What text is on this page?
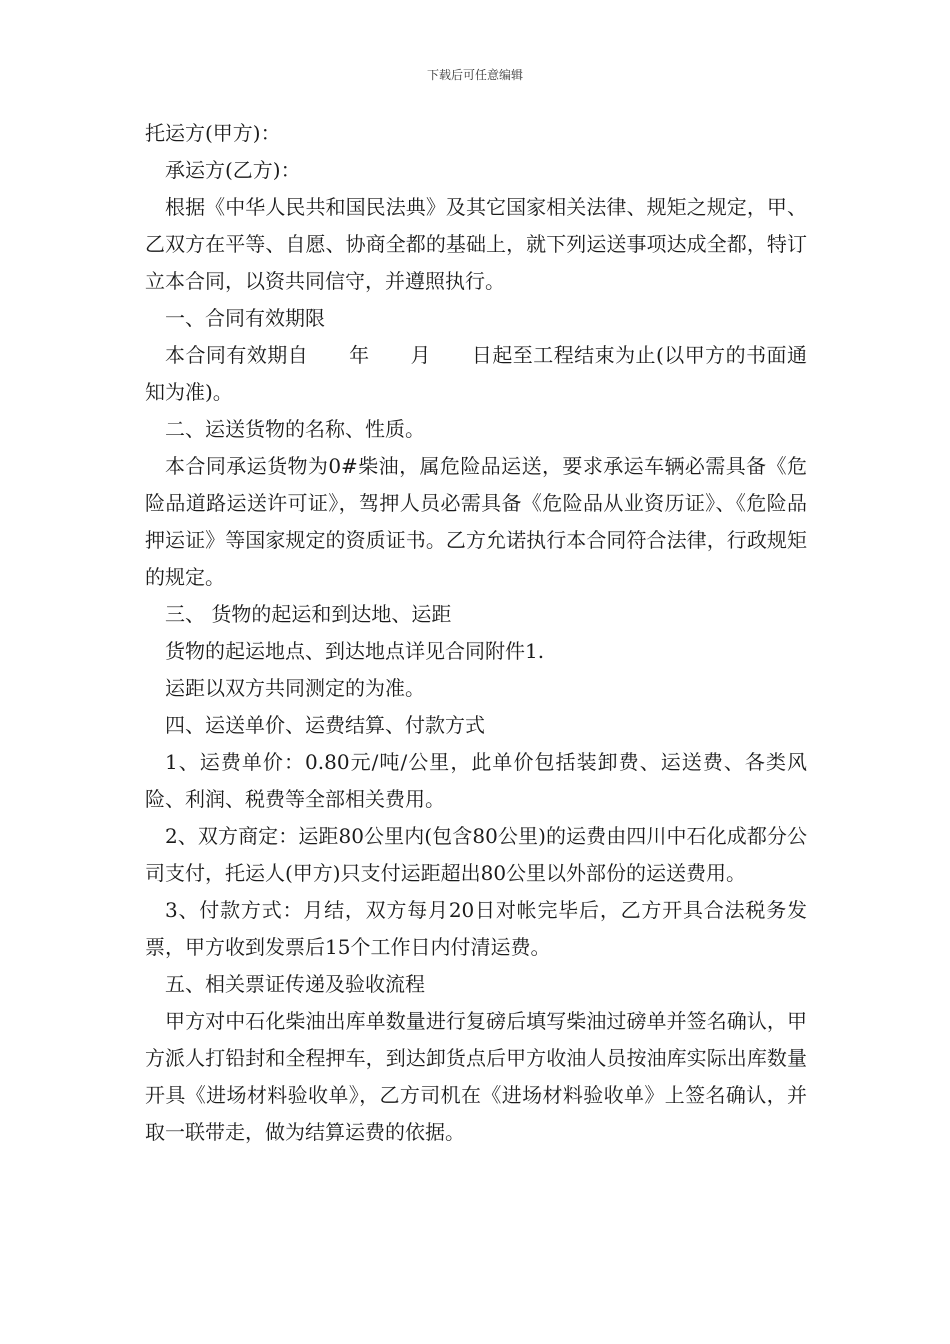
下载后可任意编辑

托运方(甲方)：

承运方(乙方)：

根据《中华人民共和国民法典》及其它国家相关法律、规矩之规定，甲、乙双方在平等、自愿、协商全都的基础上，就下列运送事项达成全都，特订立本合同，以资共同信守，并遵照执行。

一、合同有效期限

本合同有效期自　　年　　月　　日起至工程结束为止(以甲方的书面通知为准)。

二、运送货物的名称、性质。

本合同承运货物为0#柴油，属危险品运送，要求承运车辆必需具备《危险品道路运送许可证》，驾押人员必需具备《危险品从业资历证》、《危险品押运证》等国家规定的资质证书。乙方允诺执行本合同符合法律，行政规矩的规定。

三、 货物的起运和到达地、运距

货物的起运地点、到达地点详见合同附件1.

运距以双方共同测定的为准。

四、运送单价、运费结算、付款方式

1、运费单价：0.80元/吨/公里，此单价包括装卸费、运送费、各类风险、利润、税费等全部相关费用。

2、双方商定：运距80公里内(包含80公里)的运费由四川中石化成都分公司支付，托运人(甲方)只支付运距超出80公里以外部份的运送费用。

3、付款方式：月结，双方每月20日对帐完毕后，乙方开具合法税务发票，甲方收到发票后15个工作日内付清运费。

五、相关票证传递及验收流程

甲方对中石化柴油出库单数量进行复磅后填写柴油过磅单并签名确认，甲方派人打铅封和全程押车，到达卸货点后甲方收油人员按油库实际出库数量开具《进场材料验收单》，乙方司机在《进场材料验收单》上签名确认，并取一联带走，做为结算运费的依据。
